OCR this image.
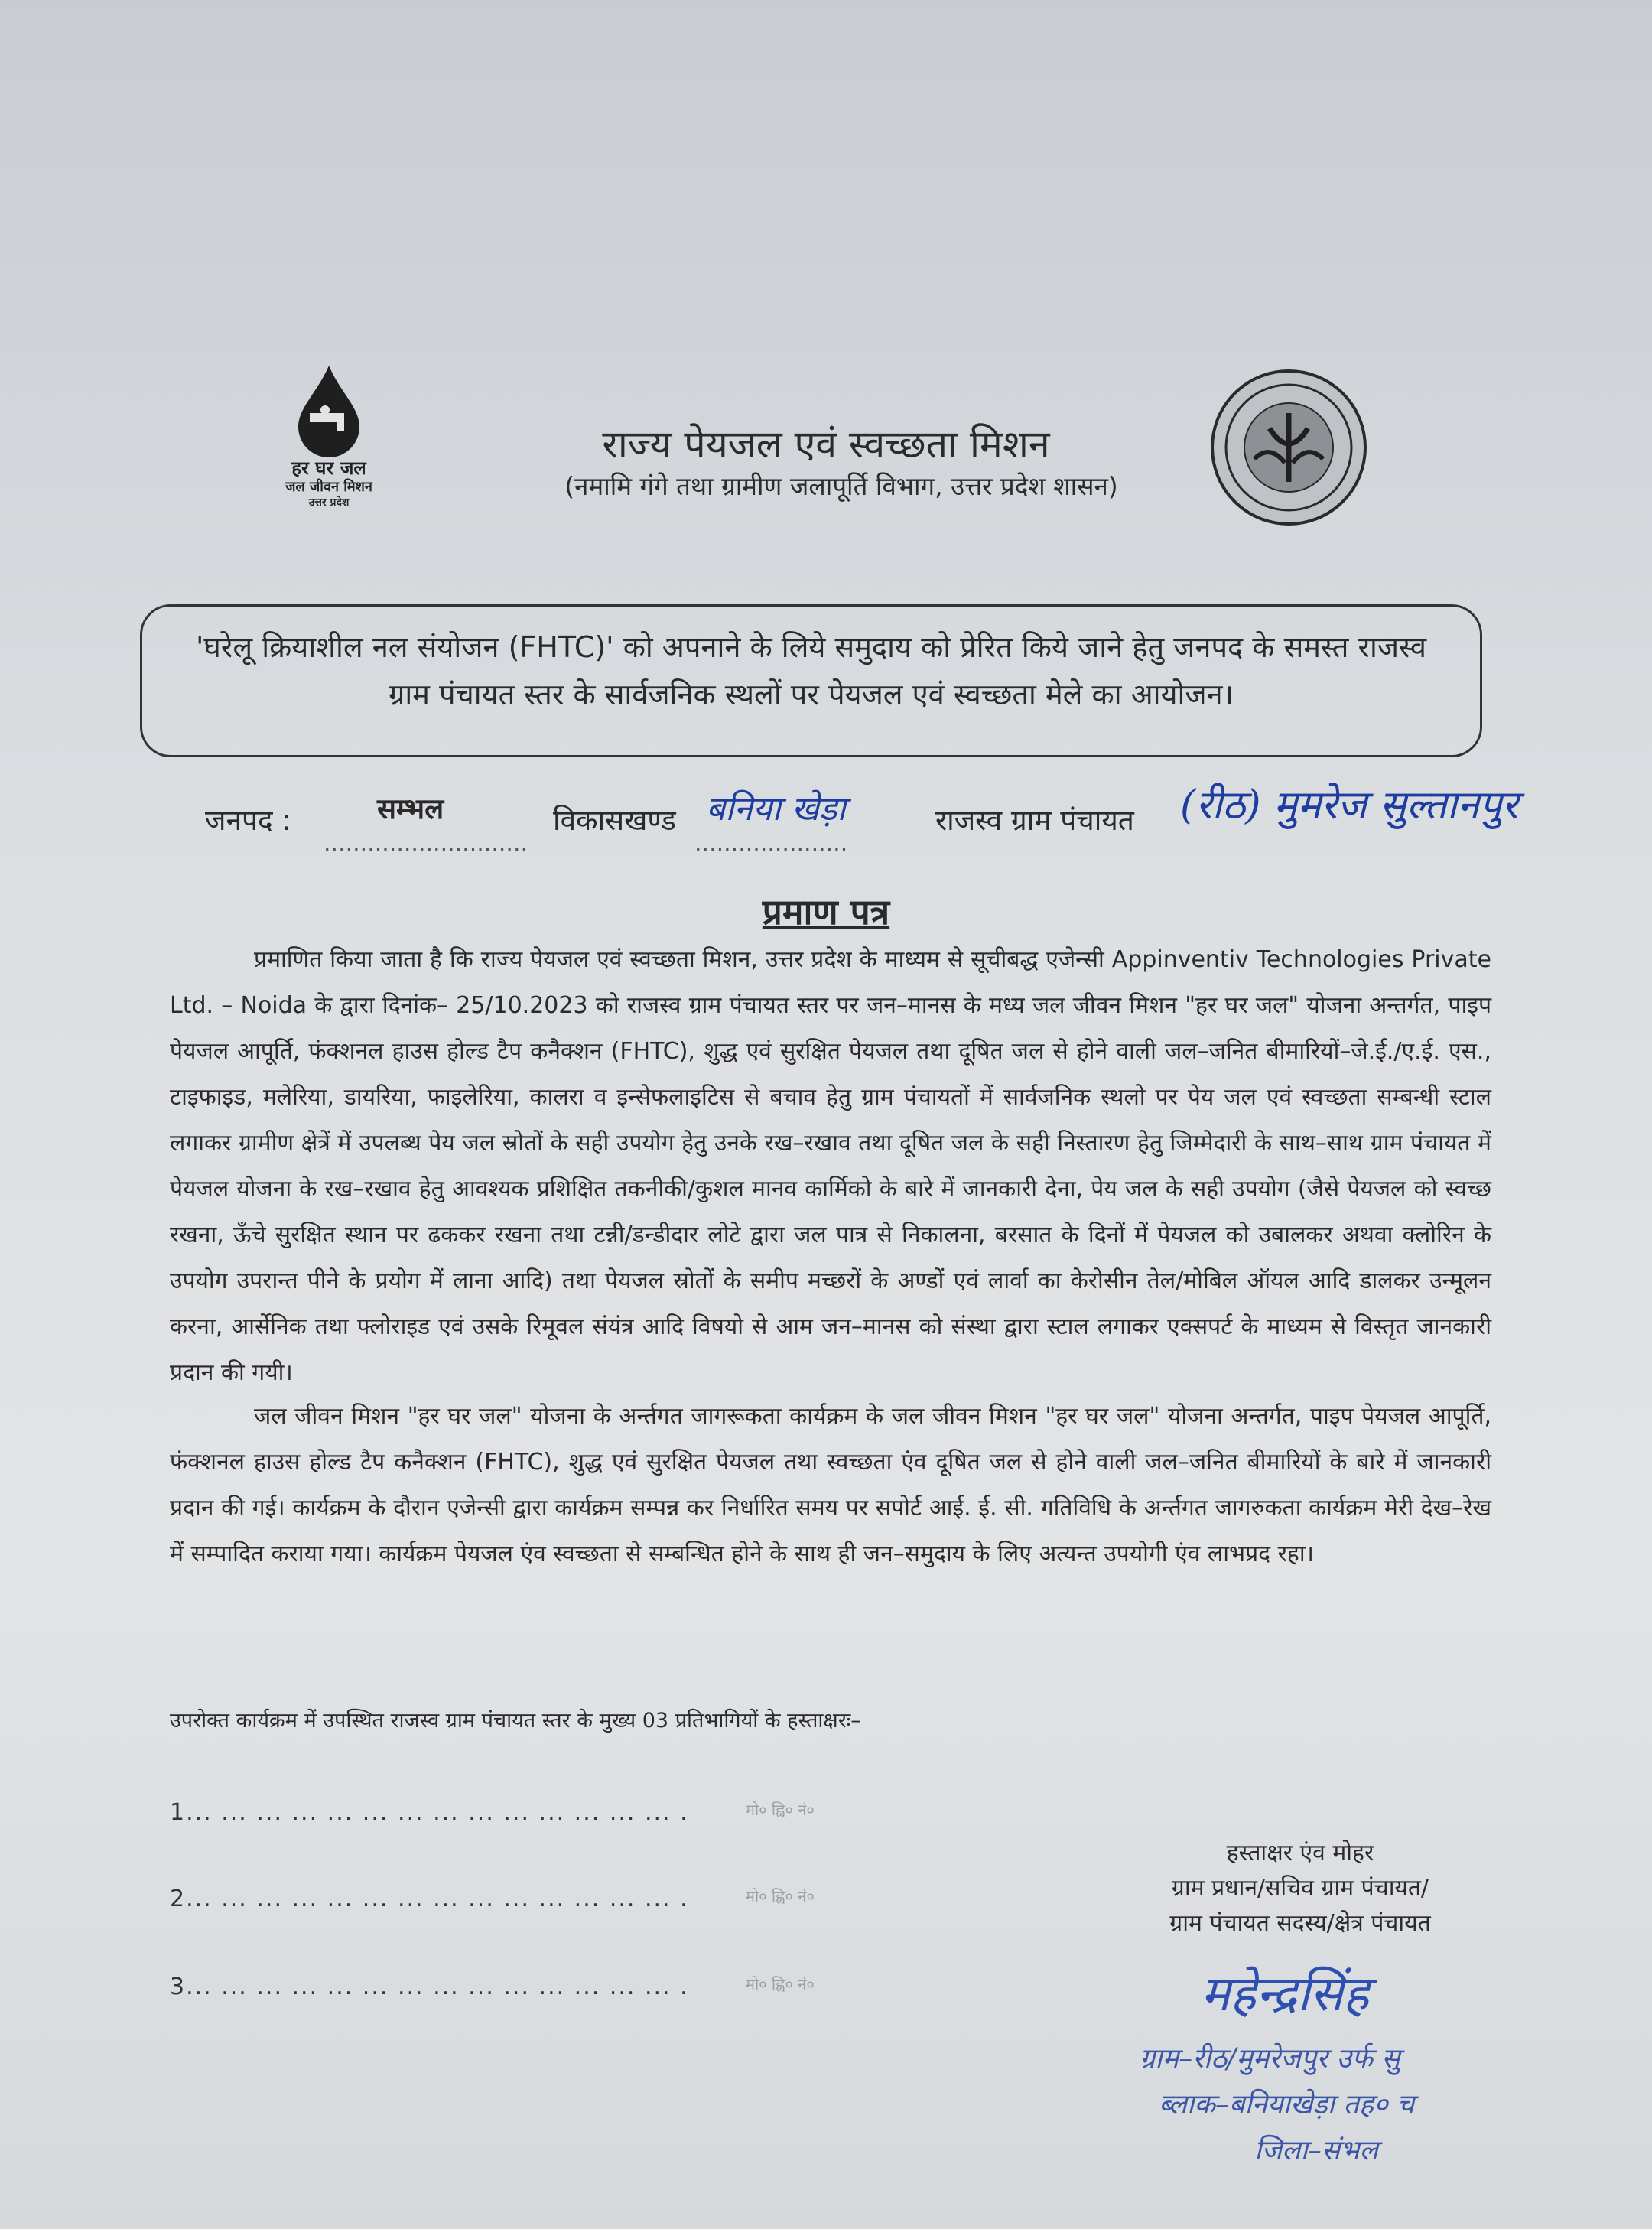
हर घर जल
जल जीवन मिशन
उत्तर प्रदेश
राज्य पेयजल एवं स्वच्छता मिशन
(नमामि गंगे तथा ग्रामीण जलापूर्ति विभाग, उत्तर प्रदेश शासन)
'घरेलू क्रियाशील नल संयोजन (FHTC)' को अपनाने के लिये समुदाय को प्रेरित किये जाने हेतु जनपद के समस्त राजस्व ग्राम पंचायत स्तर के सार्वजनिक स्थलों पर पेयजल एवं स्वच्छता मेले का आयोजन।
जनपद :
............................
सम्भल	विकासखण्ड बनिया खेड़ा
.....................
राजस्व ग्राम पंचायत (रीठ) मुमरेज सुल्तानपुर
प्रमाण पत्र

प्रमाणित किया जाता है कि राज्य पेयजल एवं स्वच्छता मिशन, उत्तर प्रदेश के माध्यम से सूचीबद्ध एजेन्सी Appinventiv Technologies Private Ltd. – Noida के द्वारा दिनांक– 25/10.2023 को राजस्व ग्राम पंचायत स्तर पर जन–मानस के मध्य जल जीवन मिशन "हर घर जल" योजना अन्तर्गत, पाइप पेयजल आपूर्ति, फंक्शनल हाउस होल्ड टैप कनैक्शन (FHTC), शुद्ध एवं सुरक्षित पेयजल तथा दूषित जल से होने वाली जल–जनित बीमारियों–जे.ई./ए.ई. एस., टाइफाइड, मलेरिया, डायरिया, फाइलेरिया, कालरा व इन्सेफलाइटिस से बचाव हेतु ग्राम पंचायतों में सार्वजनिक स्थलो पर पेय जल एवं स्वच्छता सम्बन्धी स्टाल लगाकर ग्रामीण क्षेत्रें में उपलब्ध पेय जल स्रोतों के सही उपयोग हेतु उनके रख–रखाव तथा दूषित जल के सही निस्तारण हेतु जिम्मेदारी के साथ–साथ ग्राम पंचायत में पेयजल योजना के रख–रखाव हेतु आवश्यक प्रशिक्षित तकनीकी/कुशल मानव कार्मिको के बारे में जानकारी देना, पेय जल के सही उपयोग (जैसे पेयजल को स्वच्छ रखना, ऊँचे सुरक्षित स्थान पर ढककर रखना तथा टन्नी/डन्डीदार लोटे द्वारा जल पात्र से निकालना, बरसात के दिनों में पेयजल को उबालकर अथवा क्लोरिन के उपयोग उपरान्त पीने के प्रयोग में लाना आदि) तथा पेयजल स्रोतों के समीप मच्छरों के अण्डों एवं लार्वा का केरोसीन तेल/मोबिल ऑयल आदि डालकर उन्मूलन करना, आर्सेनिक तथा फ्लोराइड एवं उसके रिमूवल संयंत्र आदि विषयो से आम जन–मानस को संस्था द्वारा स्टाल लगाकर एक्सपर्ट के माध्यम से विस्तृत जानकारी प्रदान की गयी।

जल जीवन मिशन "हर घर जल" योजना के अर्न्तगत जागरूकता कार्यक्रम के जल जीवन मिशन "हर घर जल" योजना अन्तर्गत, पाइप पेयजल आपूर्ति, फंक्शनल हाउस होल्ड टैप कनैक्शन (FHTC), शुद्ध एवं सुरक्षित पेयजल तथा स्वच्छता एंव दूषित जल से होने वाली जल–जनित बीमारियों के बारे में जानकारी प्रदान की गई। कार्यक्रम के दौरान एजेन्सी द्वारा कार्यक्रम सम्पन्न कर निर्धारित समय पर सपोर्ट आई. ई. सी. गतिविधि के अर्न्तगत जागरुकता कार्यक्रम मेरी देख–रेख में सम्पादित कराया गया। कार्यक्रम पेयजल एंव स्वच्छता से सम्बन्धित होने के साथ ही जन–समुदाय के लिए अत्यन्त उपयोगी एंव लाभप्रद रहा।

उपरोक्त कार्यक्रम में उपस्थित राजस्व ग्राम पंचायत स्तर के मुख्य 03 प्रतिभागियों के हस्ताक्षरः–
1... ... ... ... ... ... ... ... ... ... ... ... ... ... .	मो० ह्वि० नं०
2... ... ... ... ... ... ... ... ... ... ... ... ... ... .	मो० ह्वि० नं०
3... ... ... ... ... ... ... ... ... ... ... ... ... ... .	मो० ह्वि० नं०
हस्ताक्षर एंव मोहर
ग्राम प्रधान/सचिव ग्राम पंचायत/
ग्राम पंचायत सदस्य/क्षेत्र पंचायत
महेन्द्रसिंह
ग्राम–रीठ/मुमरेजपुर उर्फ सु
ब्लाक–बनियाखेड़ा तह० च
जिला–संभल
